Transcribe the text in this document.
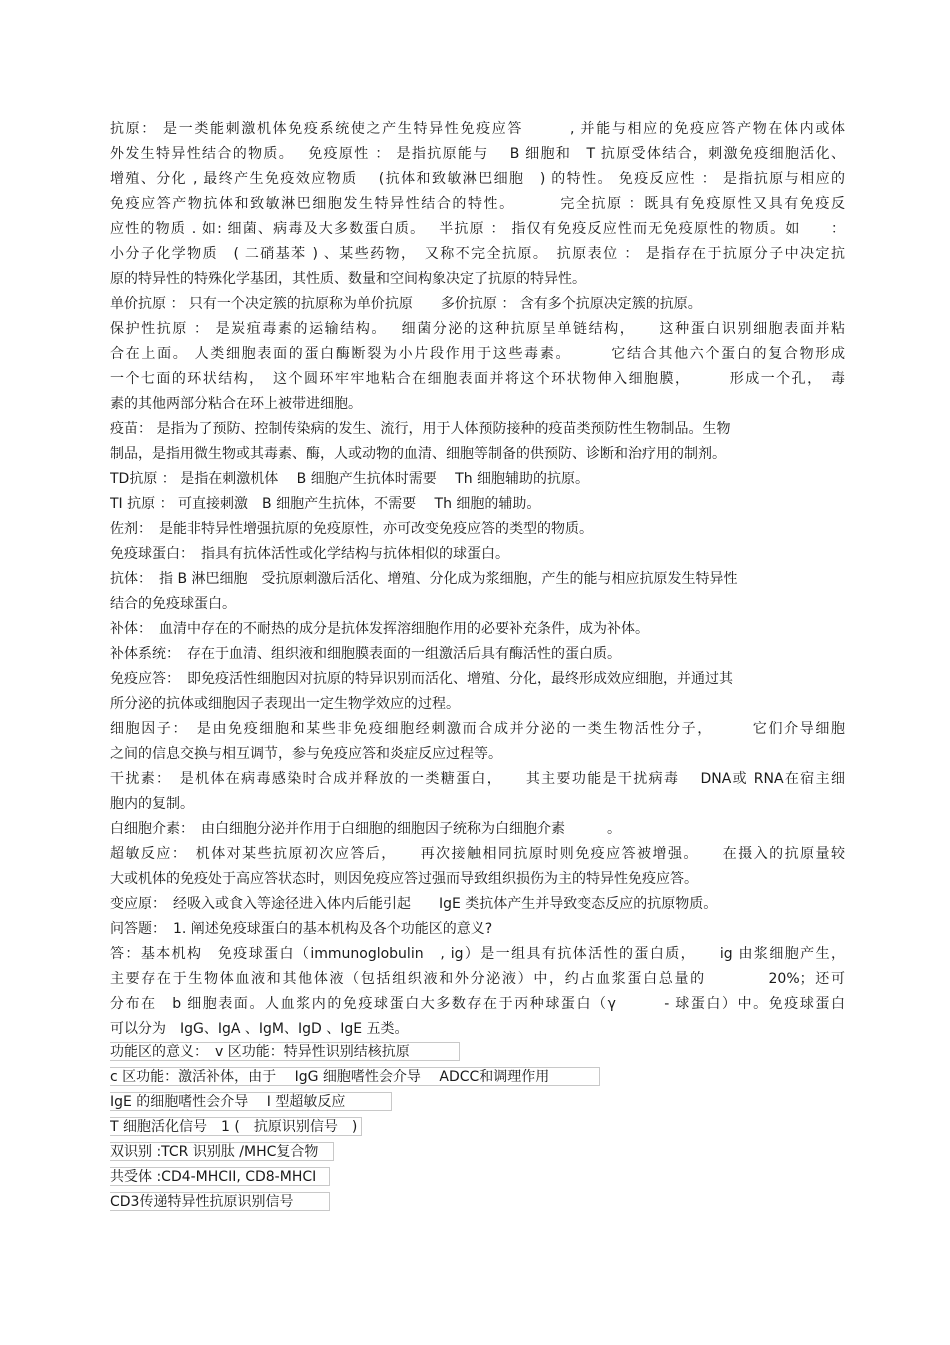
抗原： 是一类能刺激机体免疫系统使之产生特异性免疫应答　　　, 并能与相应的免疫应答产物在体内或体
外发生特异性结合的物质。　 免疫原性 ： 是指抗原能与　 B 细胞和　T 抗原受体结合，刺激免疫细胞活化、
增殖、分化 , 最终产生免疫效应物质　 (抗体和致敏淋巴细胞　) 的特性。 免疫反应性 ： 是指抗原与相应的
免疫应答产物抗体和致敏淋巴细胞发生特异性结合的特性。　　　 完全抗原 ：既具有免疫原性又具有免疫反
应性的物质 . 如: 细菌、病毒及大多数蛋白质。　 半抗原 ： 指仅有免疫反应性而无免疫原性的物质。如　　：
小分子化学物质　( 二硝基苯 ) 、某些药物，　又称不完全抗原。　抗原表位 ： 是指存在于抗原分子中决定抗
原的特异性的特殊化学基团，其性质、数量和空间构象决定了抗原的特异性。
单价抗原 ： 只有一个决定簇的抗原称为单价抗原　　多价抗原 ： 含有多个抗原决定簇的抗原。
保护性抗原 ： 是炭疽毒素的运输结构。　 细菌分泌的这种抗原呈单链结构，　　这种蛋白识别细胞表面并粘
合在上面。 人类细胞表面的蛋白酶断裂为小片段作用于这些毒素。　　　它结合其他六个蛋白的复合物形成
一个七面的环状结构，　这个圆环牢牢地粘合在细胞表面并将这个环状物伸入细胞膜，　　　形成一个孔，　毒
素的其他两部分粘合在环上被带进细胞。
疫苗： 是指为了预防、控制传染病的发生、流行，用于人体预防接种的疫苗类预防性生物制品。生物
制品，是指用微生物或其毒素、酶，人或动物的血清、细胞等制备的供预防、诊断和治疗用的制剂。
TD抗原 ： 是指在刺激机体　 B 细胞产生抗体时需要　 Th 细胞辅助的抗原。
TI 抗原 ： 可直接刺激　B 细胞产生抗体，不需要　 Th 细胞的辅助。
佐剂：　是能非特异性增强抗原的免疫原性，亦可改变免疫应答的类型的物质。
免疫球蛋白：　指具有抗体活性或化学结构与抗体相似的球蛋白。
抗体：　指 B 淋巴细胞　受抗原刺激后活化、增殖、分化成为浆细胞，产生的能与相应抗原发生特异性
结合的免疫球蛋白。
补体：　血清中存在的不耐热的成分是抗体发挥溶细胞作用的必要补充条件，成为补体。
补体系统：　存在于血清、组织液和细胞膜表面的一组激活后具有酶活性的蛋白质。
免疫应答：　即免疫活性细胞因对抗原的特异识别而活化、增殖、分化，最终形成效应细胞，并通过其
所分泌的抗体或细胞因子表现出一定生物学效应的过程。
细胞因子：　是由免疫细胞和某些非免疫细胞经刺激而合成并分泌的一类生物活性分子，　　　它们介导细胞
之间的信息交换与相互调节，参与免疫应答和炎症反应过程等。
干扰素：　是机体在病毒感染时合成并释放的一类糖蛋白，　　其主要功能是干扰病毒　 DNA或 RNA在宿主细
胞内的复制。
白细胞介素：　由白细胞分泌并作用于白细胞的细胞因子统称为白细胞介素　　　。
超敏反应：　机体对某些抗原初次应答后，　　再次接触相同抗原时则免疫应答被增强。　　在摄入的抗原量较
大或机体的免疫处于高应答状态时，则因免疫应答过强而导致组织损伤为主的特异性免疫应答。
变应原：　经吸入或食入等途径进入体内后能引起　　IgE 类抗体产生并导致变态反应的抗原物质。
问答题：　1. 阐述免疫球蛋白的基本机构及各个功能区的意义?
答：基本机构　免疫球蛋白（immunoglobulin　, ig）是一组具有抗体活性的蛋白质，　　ig 由浆细胞产生，
主要存在于生物体血液和其他体液（包括组织液和外分泌液）中，约占血浆蛋白总量的　　　　20%；还可
分布在　b 细胞表面。人血浆内的免疫球蛋白大多数存在于丙种球蛋白（γ　　　- 球蛋白）中。免疫球蛋白
可以分为　IgG、IgA 、IgM、IgD 、IgE 五类。
功能区的意义：　v 区功能：特异性识别结核抗原
c 区功能：激活补体，由于　 IgG 细胞嗜性会介导　 ADCC和调理作用
IgE 的细胞嗜性会介导　 I 型超敏反应
T 细胞活化信号　1 (　抗原识别信号　)
双识别 :TCR 识别肽 /MHC复合物
共受体 :CD4-MHCII, CD8-MHCI
CD3传递特异性抗原识别信号
